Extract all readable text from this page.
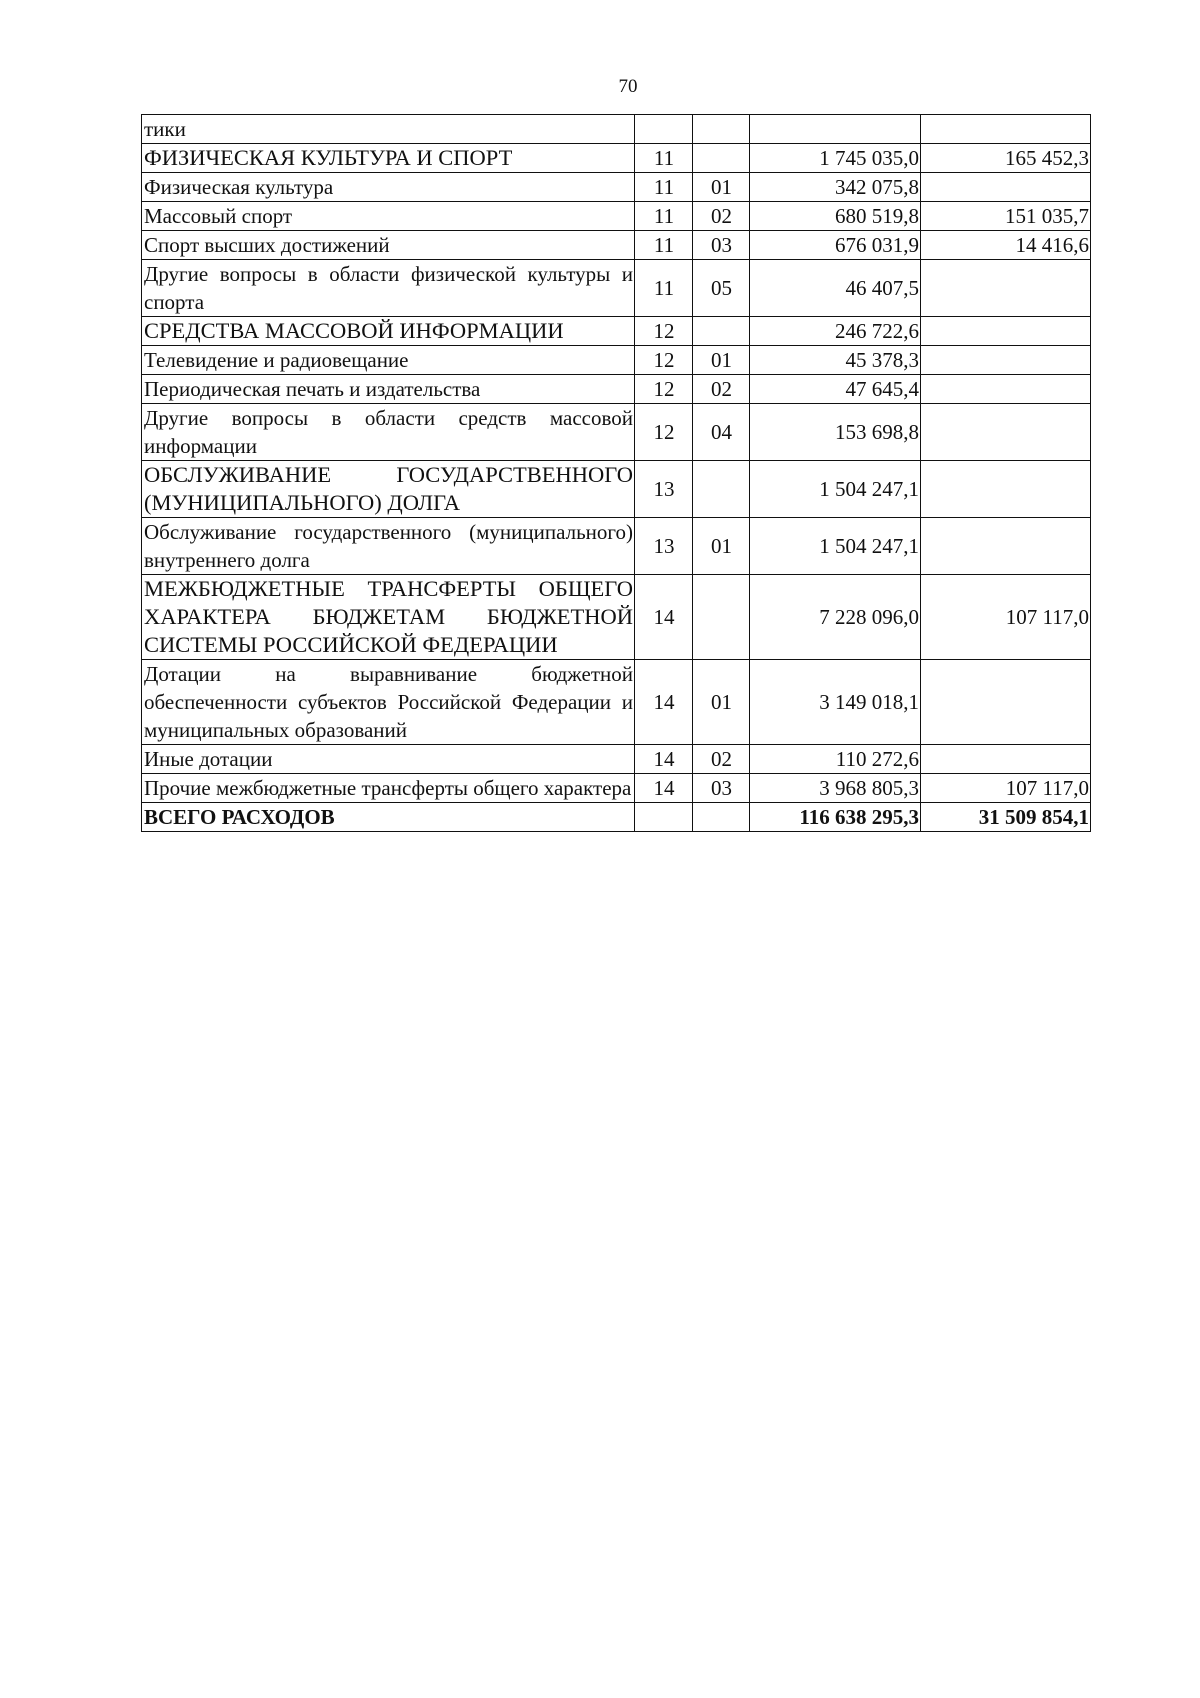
70
тики				
ФИЗИЧЕСКАЯ КУЛЬТУРА И СПОРТ	11		1 745 035,0	165 452,3
Физическая культура	11	01	342 075,8	
Массовый спорт	11	02	680 519,8	151 035,7
Спорт высших достижений	11	03	676 031,9	14 416,6
Другие вопросы в области физической культуры и спорта	11	05	46 407,5	
СРЕДСТВА МАССОВОЙ ИНФОРМАЦИИ	12		246 722,6	
Телевидение и радиовещание	12	01	45 378,3	
Периодическая печать и издательства	12	02	47 645,4	
Другие вопросы в области средств массовой информации	12	04	153 698,8	
ОБСЛУЖИВАНИЕ ГОСУДАРСТВЕННОГО (МУНИЦИПАЛЬНОГО) ДОЛГА	13		1 504 247,1	
Обслуживание государственного (муниципального) внутреннего долга	13	01	1 504 247,1	
МЕЖБЮДЖЕТНЫЕ ТРАНСФЕРТЫ ОБЩЕГО ХАРАКТЕРА БЮДЖЕТАМ БЮДЖЕТНОЙ СИСТЕМЫ РОССИЙСКОЙ ФЕДЕРАЦИИ	14		7 228 096,0	107 117,0
Дотации на выравнивание бюджетной обеспеченности субъектов Российской Федерации и муниципальных образований	14	01	3 149 018,1	
Иные дотации	14	02	110 272,6	
Прочие межбюджетные трансферты общего характера	14	03	3 968 805,3	107 117,0
ВСЕГО РАСХОДОВ			116 638 295,3	31 509 854,1
